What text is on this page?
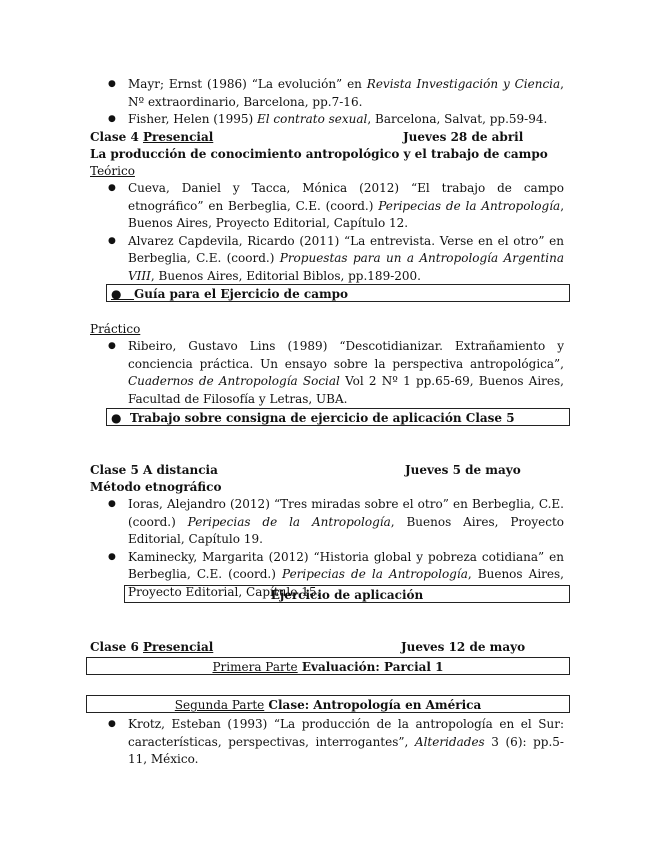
● Mayr; Ernst (1986) “La evolución” en Revista Investigación y Ciencia, Nº extraordinario, Barcelona, pp.7-16.
● Fisher, Helen (1995) El contrato sexual, Barcelona, Salvat, pp.59-94.
Clase 4 Presencial	Jueves 28 de abril
La producción de conocimiento antropológico y el trabajo de campo
Teórico
● Cueva, Daniel y Tacca, Mónica (2012) “El trabajo de campo etnográfico” en Berbeglia, C.E. (coord.) Peripecias de la Antropología, Buenos Aires, Proyecto Editorial, Capítulo 12.
● Alvarez Capdevila, Ricardo (2011) “La entrevista. Verse en el otro” en Berbeglia, C.E. (coord.) Propuestas para un a Antropología Argentina VIII, Buenos Aires, Editorial Biblos, pp.189-200.
● Guía para el Ejercicio de campo
Práctico
● Ribeiro, Gustavo Lins (1989) “Descotidianizar. Extrañamiento y conciencia práctica. Un ensayo sobre la perspectiva antropológica”, Cuadernos de Antropología Social Vol 2 Nº 1 pp.65-69, Buenos Aires, Facultad de Filosofía y Letras, UBA.
●  Trabajo sobre consigna de ejercicio de aplicación Clase 5
Clase 5 A distancia	Jueves 5 de mayo
Método etnográfico
● Ioras, Alejandro (2012) “Tres miradas sobre el otro” en Berbeglia, C.E. (coord.) Peripecias de la Antropología, Buenos Aires, Proyecto Editorial, Capítulo 19.
● Kaminecky, Margarita (2012) “Historia global y pobreza cotidiana” en Berbeglia, C.E. (coord.) Peripecias de la Antropología, Buenos Aires, Proyecto Editorial, Capítulo 15.
Ejercicio de aplicación
Clase 6 Presencial	Jueves 12 de mayo
Primera Parte Evaluación: Parcial 1
Segunda Parte Clase: Antropología en América
● Krotz, Esteban (1993) “La producción de la antropología en el Sur: características, perspectivas, interrogantes”, Alteridades 3 (6): pp.5-11, México.
